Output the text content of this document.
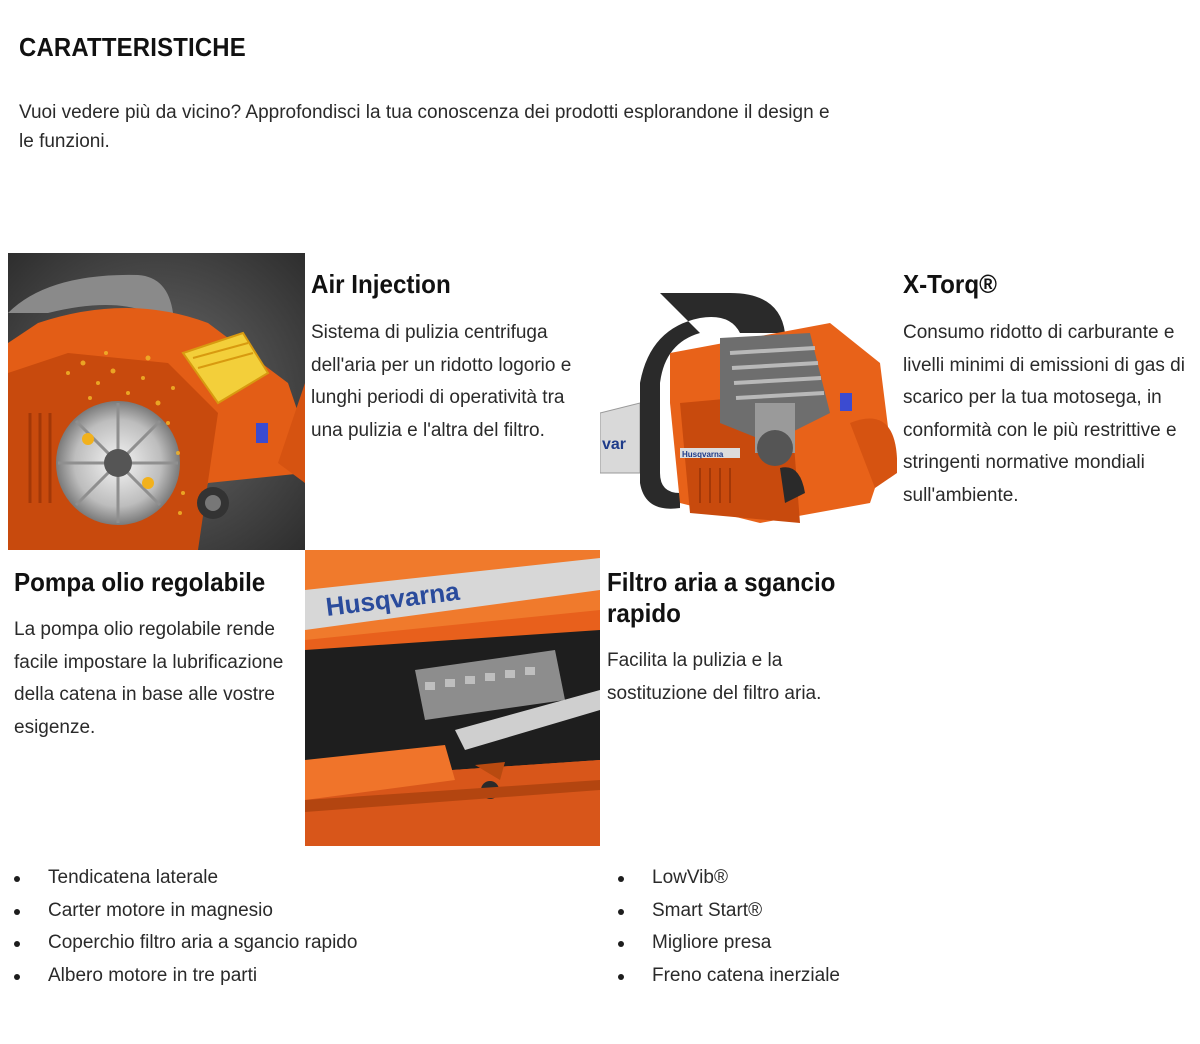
CARATTERISTICHE
Vuoi vedere più da vicino? Approfondisci la tua conoscenza dei prodotti esplorandone il design e le funzioni.
var
Husqvarna
Husqvarna
Air Injection
Sistema di pulizia centrifuga dell'aria per un ridotto logorio e lunghi periodi di operatività tra una pulizia e l'altra del filtro.
X-Torq®
Consumo ridotto di carburante e livelli minimi di emissioni di gas di scarico per la tua motosega, in conformità con le più restrittive e stringenti normative mondiali sull'ambiente.
Pompa olio regolabile
La pompa olio regolabile rende facile impostare la lubrificazione della catena in base alle vostre esigenze.
Filtro aria a sgancio rapido
Facilita la pulizia e la sostituzione del filtro aria.
Tendicatena laterale
Carter motore in magnesio
Coperchio filtro aria a sgancio rapido
Albero motore in tre parti
LowVib®
Smart Start®
Migliore presa
Freno catena inerziale
